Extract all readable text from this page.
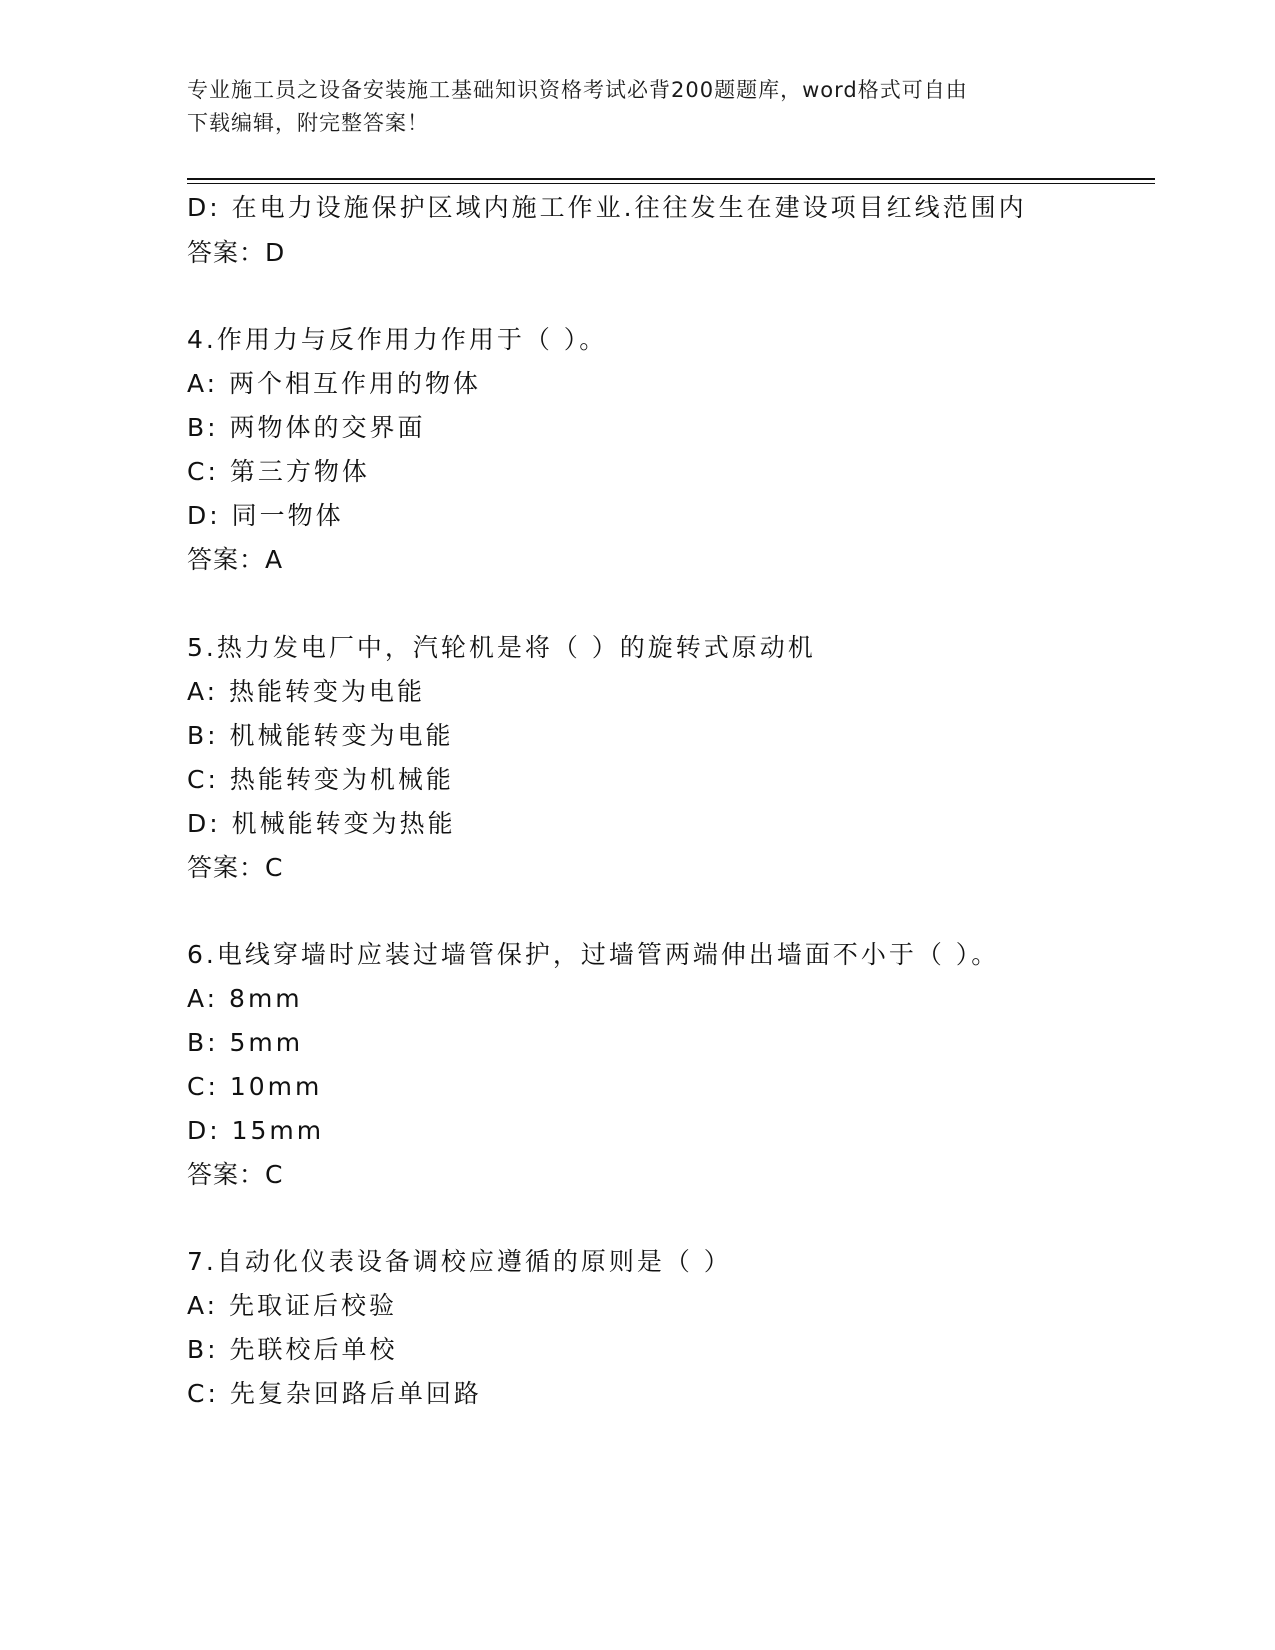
专业施工员之设备安装施工基础知识资格考试必背200题题库，word格式可自由
下载编辑，附完整答案！
D: 在电力设施保护区域内施工作业.往往发生在建设项目红线范围内
答案：D
4.作用力与反作用力作用于（ ）。
A: 两个相互作用的物体
B: 两物体的交界面
C: 第三方物体
D: 同一物体
答案：A
5.热力发电厂中，汽轮机是将（ ）的旋转式原动机
A: 热能转变为电能
B: 机械能转变为电能
C: 热能转变为机械能
D: 机械能转变为热能
答案：C
6.电线穿墙时应装过墙管保护，过墙管两端伸出墙面不小于（ ）。
A: 8mm
B: 5mm
C: 10mm
D: 15mm
答案：C
7.自动化仪表设备调校应遵循的原则是（ ）
A: 先取证后校验
B: 先联校后单校
C: 先复杂回路后单回路
